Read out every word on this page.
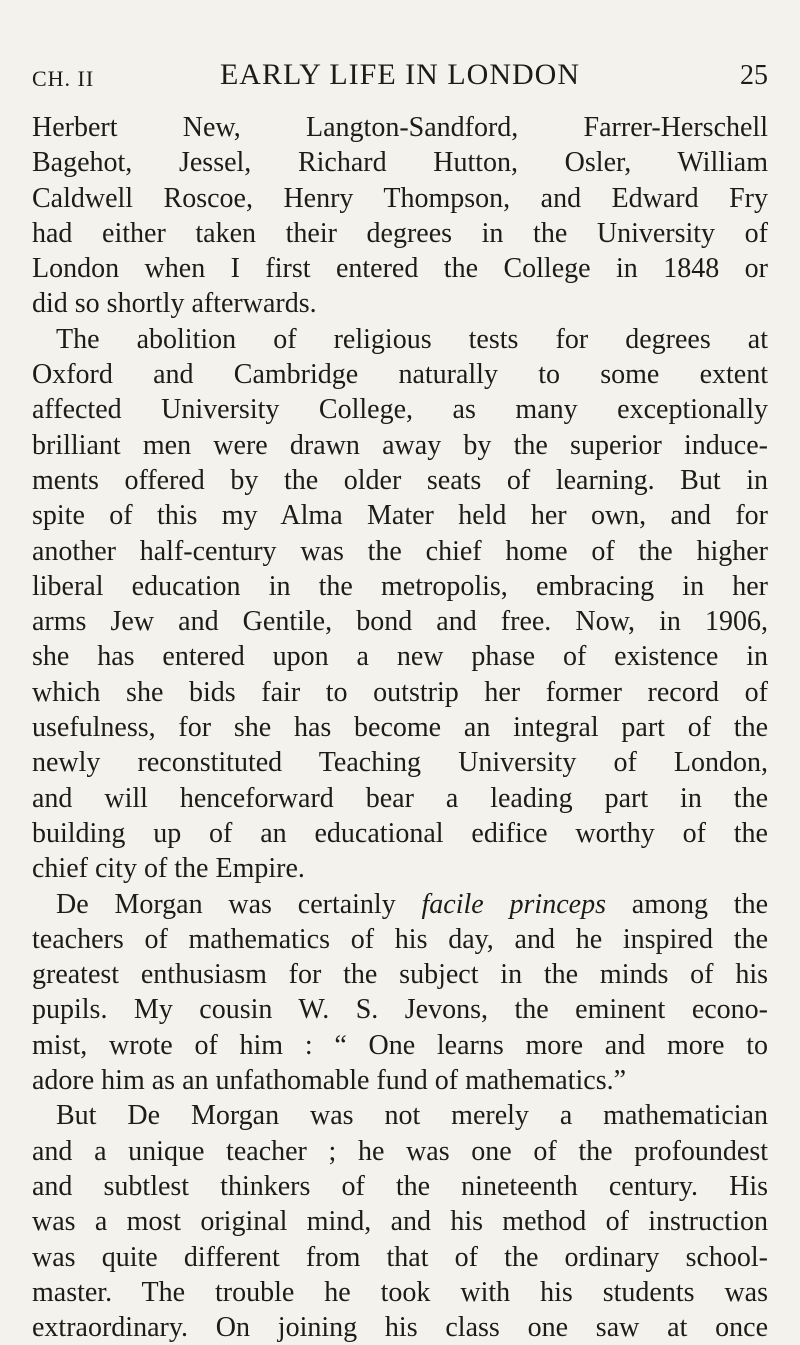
CH. II	EARLY LIFE IN LONDON	25
Herbert New, Langton-Sandford, Farrer-Herschell
Bagehot, Jessel, Richard Hutton, Osler, William
Caldwell Roscoe, Henry Thompson, and Edward Fry
had either taken their degrees in the University of
London when I first entered the College in 1848 or
did so shortly afterwards.
The abolition of religious tests for degrees at
Oxford and Cambridge naturally to some extent
affected University College, as many exceptionally
brilliant men were drawn away by the superior induce-
ments offered by the older seats of learning. But in
spite of this my Alma Mater held her own, and for
another half-century was the chief home of the higher
liberal education in the metropolis, embracing in her
arms Jew and Gentile, bond and free. Now, in 1906,
she has entered upon a new phase of existence in
which she bids fair to outstrip her former record of
usefulness, for she has become an integral part of the
newly reconstituted Teaching University of London,
and will henceforward bear a leading part in the
building up of an educational edifice worthy of the
chief city of the Empire.
De Morgan was certainly facile princeps among the
teachers of mathematics of his day, and he inspired the
greatest enthusiasm for the subject in the minds of his
pupils. My cousin W. S. Jevons, the eminent econo-
mist, wrote of him : “ One learns more and more to
adore him as an unfathomable fund of mathematics.”
But De Morgan was not merely a mathematician
and a unique teacher ; he was one of the profoundest
and subtlest thinkers of the nineteenth century. His
was a most original mind, and his method of instruction
was quite different from that of the ordinary school-
master. The trouble he took with his students was
extraordinary. On joining his class one saw at once
